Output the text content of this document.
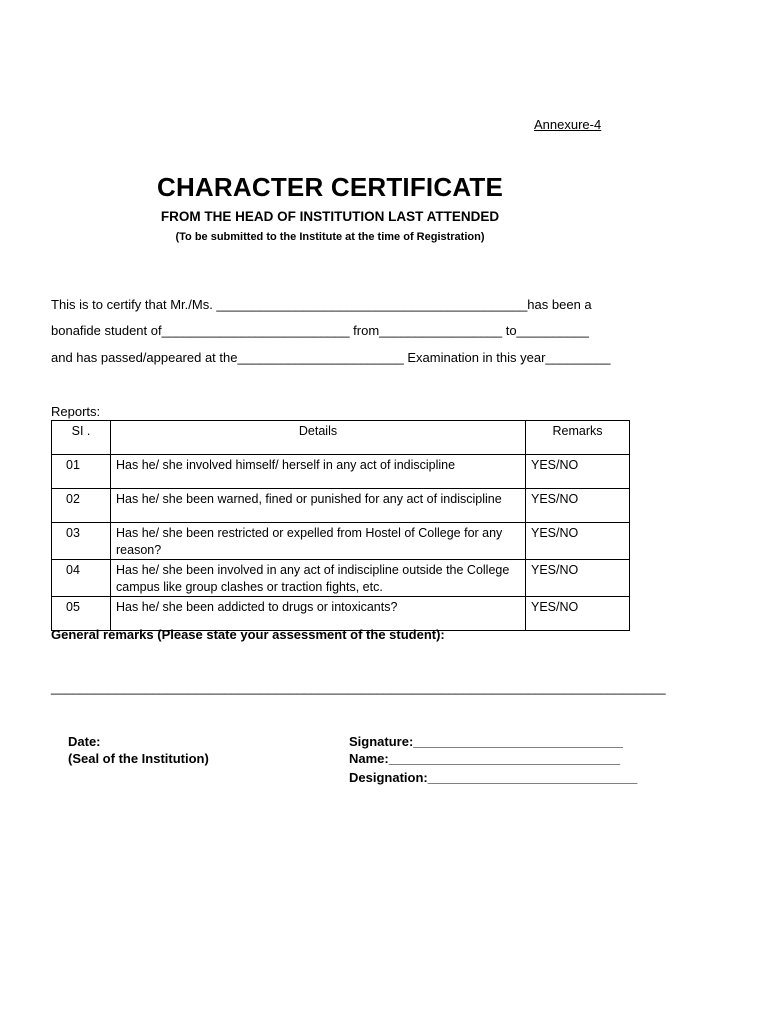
Annexure-4
CHARACTER CERTIFICATE
FROM THE HEAD OF INSTITUTION LAST ATTENDED
(To be submitted to the Institute at the time of Registration)
This is to certify that Mr./Ms. ___________________________________________has been a
bonafide student of__________________________ from_________________ to__________
and has passed/appeared at the_______________________ Examination in this year_________
Reports:
SI .	Details	Remarks
01	Has he/ she involved himself/ herself in any act of indiscipline	YES/NO
02	Has he/ she been warned, fined or punished for any act of indiscipline	YES/NO
03	Has he/ she been restricted or expelled from Hostel of College for any reason?	YES/NO
04	Has he/ she been involved in any act of indiscipline outside the College campus like group clashes or traction fights, etc.	YES/NO
05	Has he/ she been addicted to drugs or intoxicants?	YES/NO
General remarks (Please state your assessment of the student):
_____________________________________________________________________________________
Date:
(Seal of the Institution)
Signature:_____________________________
Name:________________________________
Designation:_____________________________
